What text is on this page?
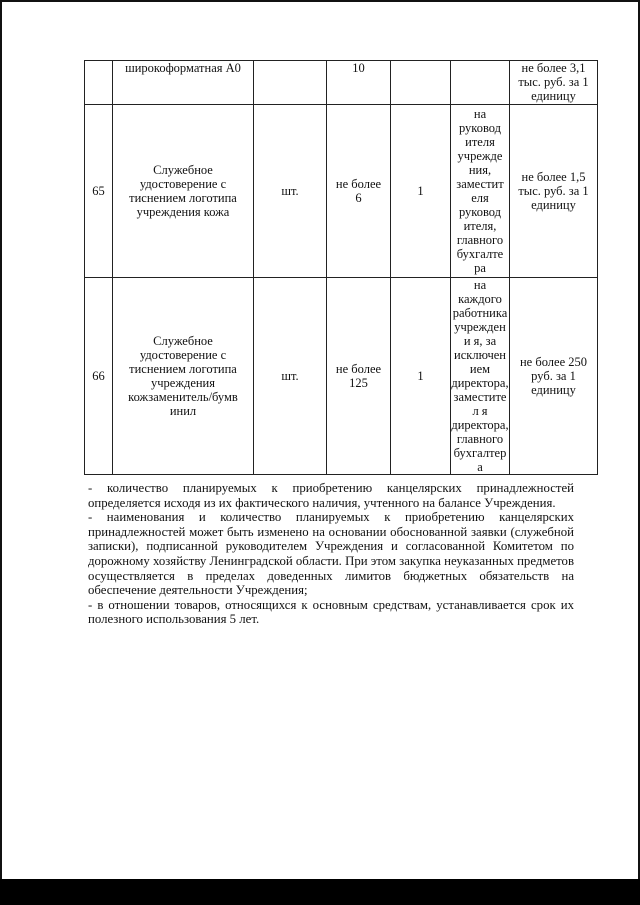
	широкоформатная А0		10			не более 3,1 тыс. руб. за 1 единицу
65	Служебное удостоверение с тиснением логотипа учреждения кожа	шт.	не более 6	1	на руковод ителя учрежде ния, заместит еля руковод ителя, главного бухгалте ра	не более 1,5 тыс. руб. за 1 единицу
66	Служебное удостоверение с тиснением логотипа учреждения кожзаменитель/бумв инил	шт.	не более 125	1	на каждого работника учреждени я, за исключен ием директора, заместител я директора, главного бухгалтера	не более 250 руб. за 1 единицу

- количество планируемых к приобретению канцелярских принадлежностей определяется исходя из их фактического наличия, учтенного на балансе Учреждения.

- наименования и количество планируемых к приобретению канцелярских принадлежностей может быть изменено на основании обоснованной заявки (служебной записки), подписанной руководителем Учреждения и согласованной Комитетом по дорожному хозяйству Ленинградской области. При этом закупка неуказанных предметов осуществляется в пределах доведенных лимитов бюджетных обязательств на обеспечение деятельности Учреждения;

- в отношении товаров, относящихся к основным средствам, устанавливается срок их полезного использования 5 лет.
